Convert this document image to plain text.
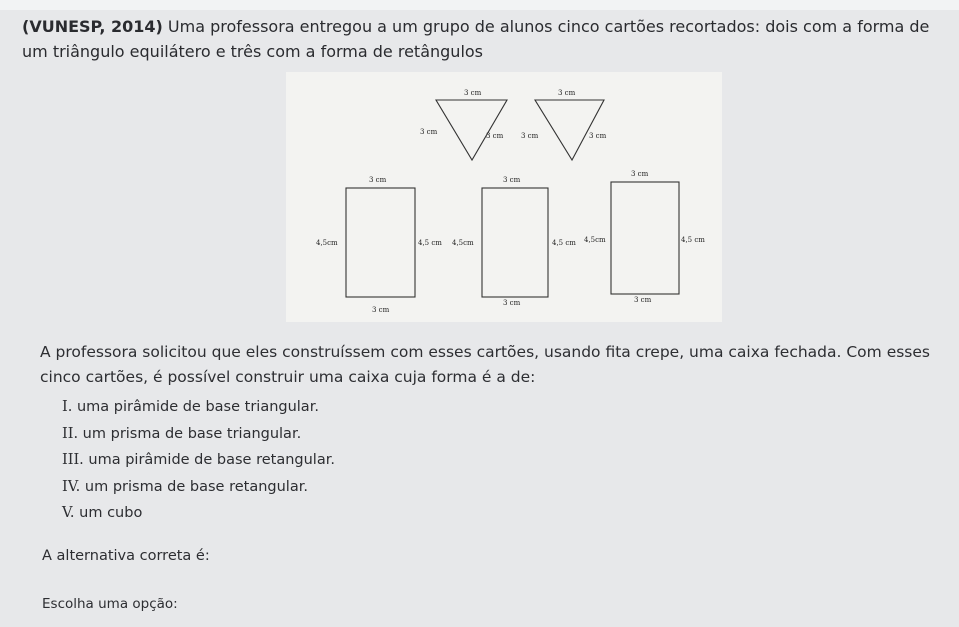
(VUNESP, 2014) Uma professora entregou a um grupo de alunos cinco cartões recortados: dois com a forma de um triângulo equilátero e três com a forma de retângulos

3 cm
3 cm	3 cm
3 cm
3 cm	3 cm
3 cm
4,5cm	4,5 cm
3 cm
3 cm
4,5cm	4,5 cm
3 cm
3 cm
4,5cm	4,5 cm
3 cm

A professora solicitou que eles construíssem com esses cartões, usando fita crepe, uma caixa fechada. Com esses cinco cartões, é possível construir uma caixa cuja forma é a de:

I. uma pirâmide de base triangular.
II. um prisma de base triangular.
III. uma pirâmide de base retangular.
IV. um prisma de base retangular.
V. um cubo
A alternativa correta é:
Escolha uma opção:
